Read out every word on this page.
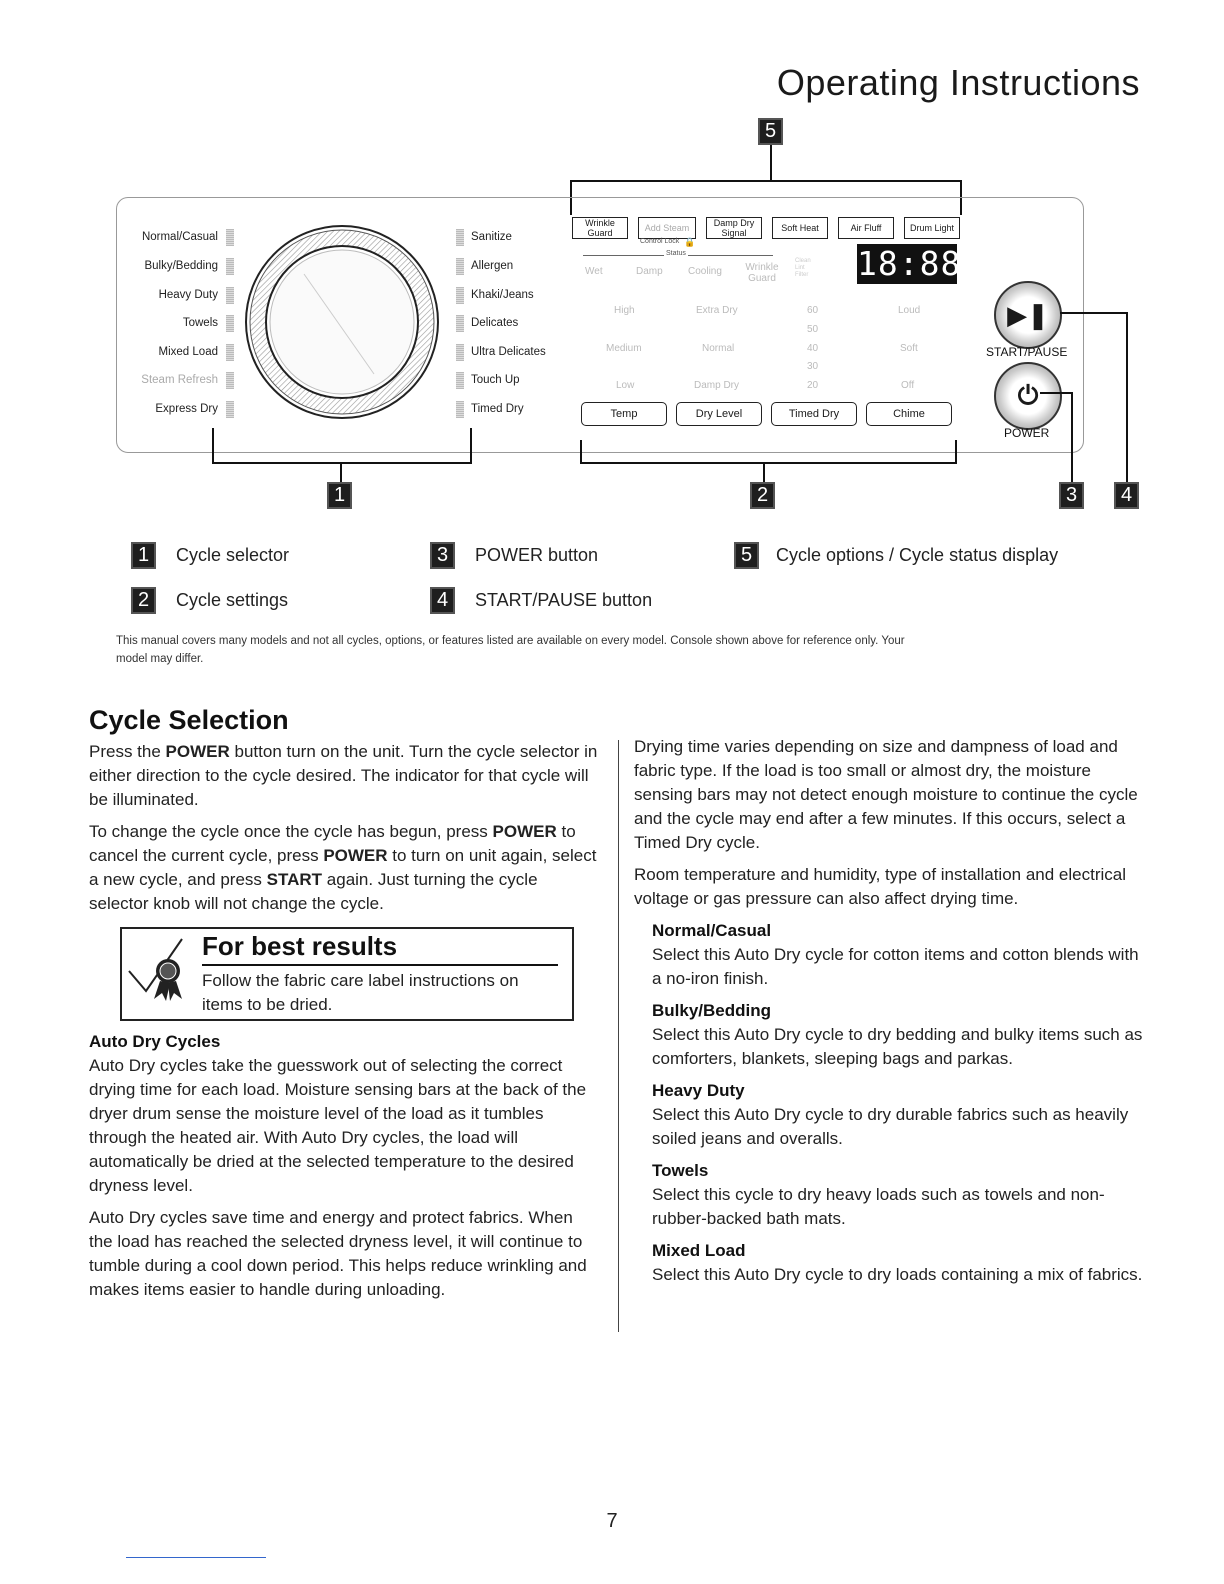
Operating Instructions
5
Normal/Casual
Bulky/Bedding
Heavy Duty
Towels
Mixed Load
Steam Refresh
Express Dry
Sanitize
Allergen
Khaki/Jeans
Delicates
Ultra Delicates
Touch Up
Timed Dry
Wrinkle Guard	Add Steam	Damp Dry Signal	Soft Heat	Air Fluff	Drum Light
Control Lock 🔒
Status
Wet	Damp	Cooling	Wrinkle Guard
Clean Lint Filter 18:88
High
Medium
Low
Extra Dry
Normal
Damp Dry
60
50
40
30
20
Loud
Soft
Off
Temp	Dry Level	Timed Dry	Chime
▶❚
START/PAUSE
⏻
POWER
1	2	3	4
1	Cycle selector
2	Cycle settings
3	POWER button
4	START/PAUSE button
5	Cycle options / Cycle status display
This manual covers many models and not all cycles, options, or features listed are available on every model. Console shown above for reference only. Your model may differ.
Cycle Selection

Press the POWER button turn on the unit. Turn the cycle selector in either direction to the cycle desired. The indicator for that cycle will be illuminated.

To change the cycle once the cycle has begun, press POWER to cancel the current cycle, press POWER to turn on unit again, select a new cycle, and press START again. Just turning the cycle selector knob will not change the cycle.

For best results
Follow the fabric care label instructions on items to be dried.
Auto Dry Cycles

Auto Dry cycles take the guesswork out of selecting the correct drying time for each load. Moisture sensing bars at the back of the dryer drum sense the moisture level of the load as it tumbles through the heated air. With Auto Dry cycles, the load will automatically be dried at the selected temperature to the desired dryness level.

Auto Dry cycles save time and energy and protect fabrics. When the load has reached the selected dryness level, it will continue to tumble during a cool down period. This helps reduce wrinkling and makes items easier to handle during unloading.

Drying time varies depending on size and dampness of load and fabric type. If the load is too small or almost dry, the moisture sensing bars may not detect enough moisture to continue the cycle and the cycle may end after a few minutes. If this occurs, select a Timed Dry cycle.

Room temperature and humidity, type of installation and electrical voltage or gas pressure can also affect drying time.

Normal/Casual

Select this Auto Dry cycle for cotton items and cotton blends with a no-iron finish.

Bulky/Bedding

Select this Auto Dry cycle to dry bedding and bulky items such as comforters, blankets, sleeping bags and parkas.

Heavy Duty

Select this Auto Dry cycle to dry durable fabrics such as heavily soiled jeans and overalls.

Towels

Select this cycle to dry heavy loads such as towels and non-rubber-backed bath mats.

Mixed Load

Select this Auto Dry cycle to dry loads containing a mix of fabrics.

7
